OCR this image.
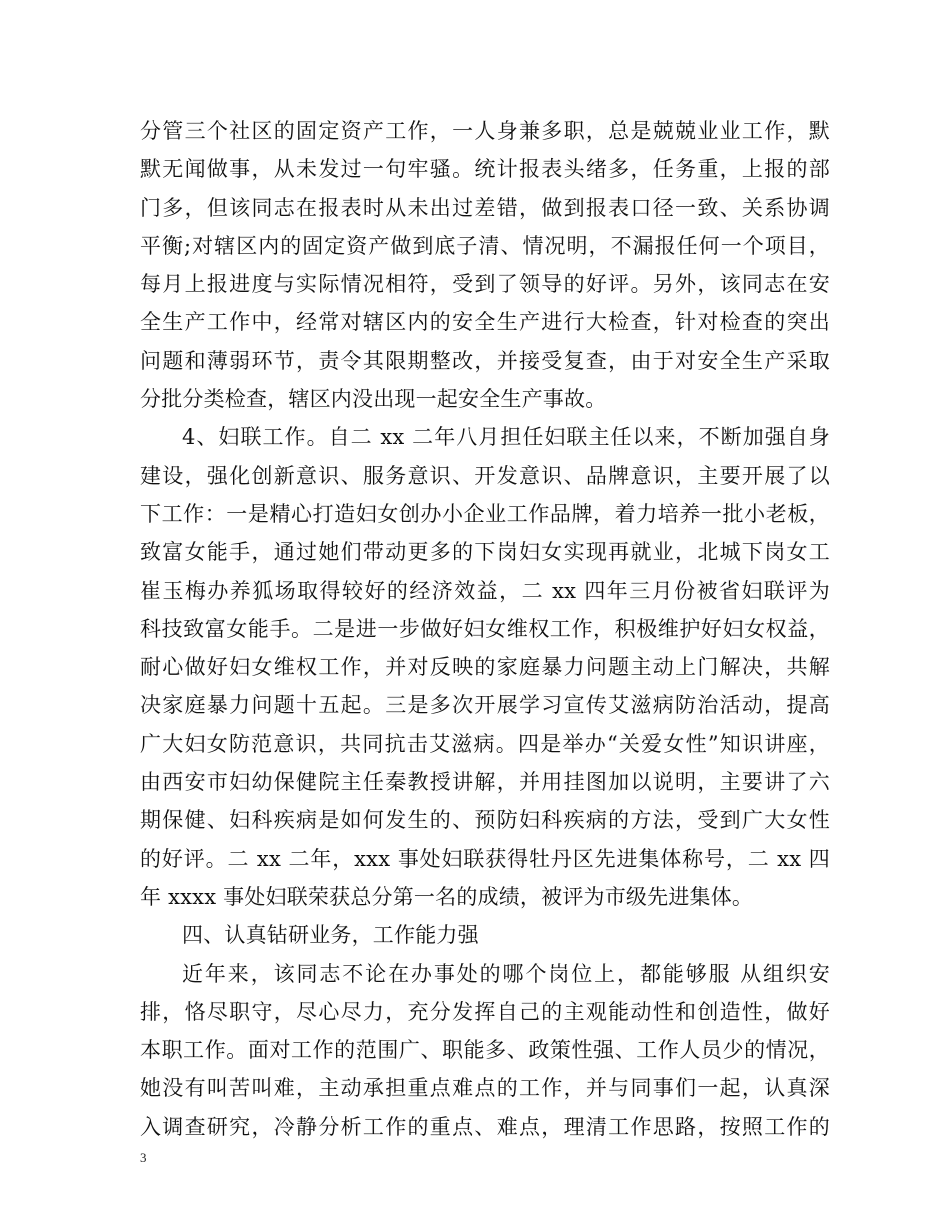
分管三个社区的固定资产工作，一人身兼多职，总是兢兢业业工作，默
默无闻做事，从未发过一句牢骚。统计报表头绪多，任务重，上报的部
门多，但该同志在报表时从未出过差错，做到报表口径一致、关系协调
平衡;对辖区内的固定资产做到底子清、情况明，不漏报任何一个项目，
每月上报进度与实际情况相符，受到了领导的好评。另外，该同志在安
全生产工作中，经常对辖区内的安全生产进行大检查，针对检查的突出
问题和薄弱环节，责令其限期整改，并接受复查，由于对安全生产采取
分批分类检查，辖区内没出现一起安全生产事故。
4、妇联工作。自二 xx 二年八月担任妇联主任以来，不断加强自身
建设，强化创新意识、服务意识、开发意识、品牌意识，主要开展了以
下工作：一是精心打造妇女创办小企业工作品牌，着力培养一批小老板，
致富女能手，通过她们带动更多的下岗妇女实现再就业，北城下岗女工
崔玉梅办养狐场取得较好的经济效益，二 xx 四年三月份被省妇联评为
科技致富女能手。二是进一步做好妇女维权工作，积极维护好妇女权益，
耐心做好妇女维权工作，并对反映的家庭暴力问题主动上门解决，共解
决家庭暴力问题十五起。三是多次开展学习宣传艾滋病防治活动，提高
广大妇女防范意识，共同抗击艾滋病。四是举办“关爱女性”知识讲座，
由西安市妇幼保健院主任秦教授讲解，并用挂图加以说明，主要讲了六
期保健、妇科疾病是如何发生的、预防妇科疾病的方法，受到广大女性
的好评。二 xx 二年，xxx 事处妇联获得牡丹区先进集体称号，二 xx 四
年 xxxx 事处妇联荣获总分第一名的成绩，被评为市级先进集体。
四、认真钻研业务，工作能力强
近年来，该同志不论在办事处的哪个岗位上，都能够服 从组织安
排，恪尽职守，尽心尽力，充分发挥自己的主观能动性和创造性，做好
本职工作。面对工作的范围广、职能多、政策性强、工作人员少的情况，
她没有叫苦叫难，主动承担重点难点的工作，并与同事们一起，认真深
入调查研究，冷静分析工作的重点、难点，理清工作思路，按照工作的
3
